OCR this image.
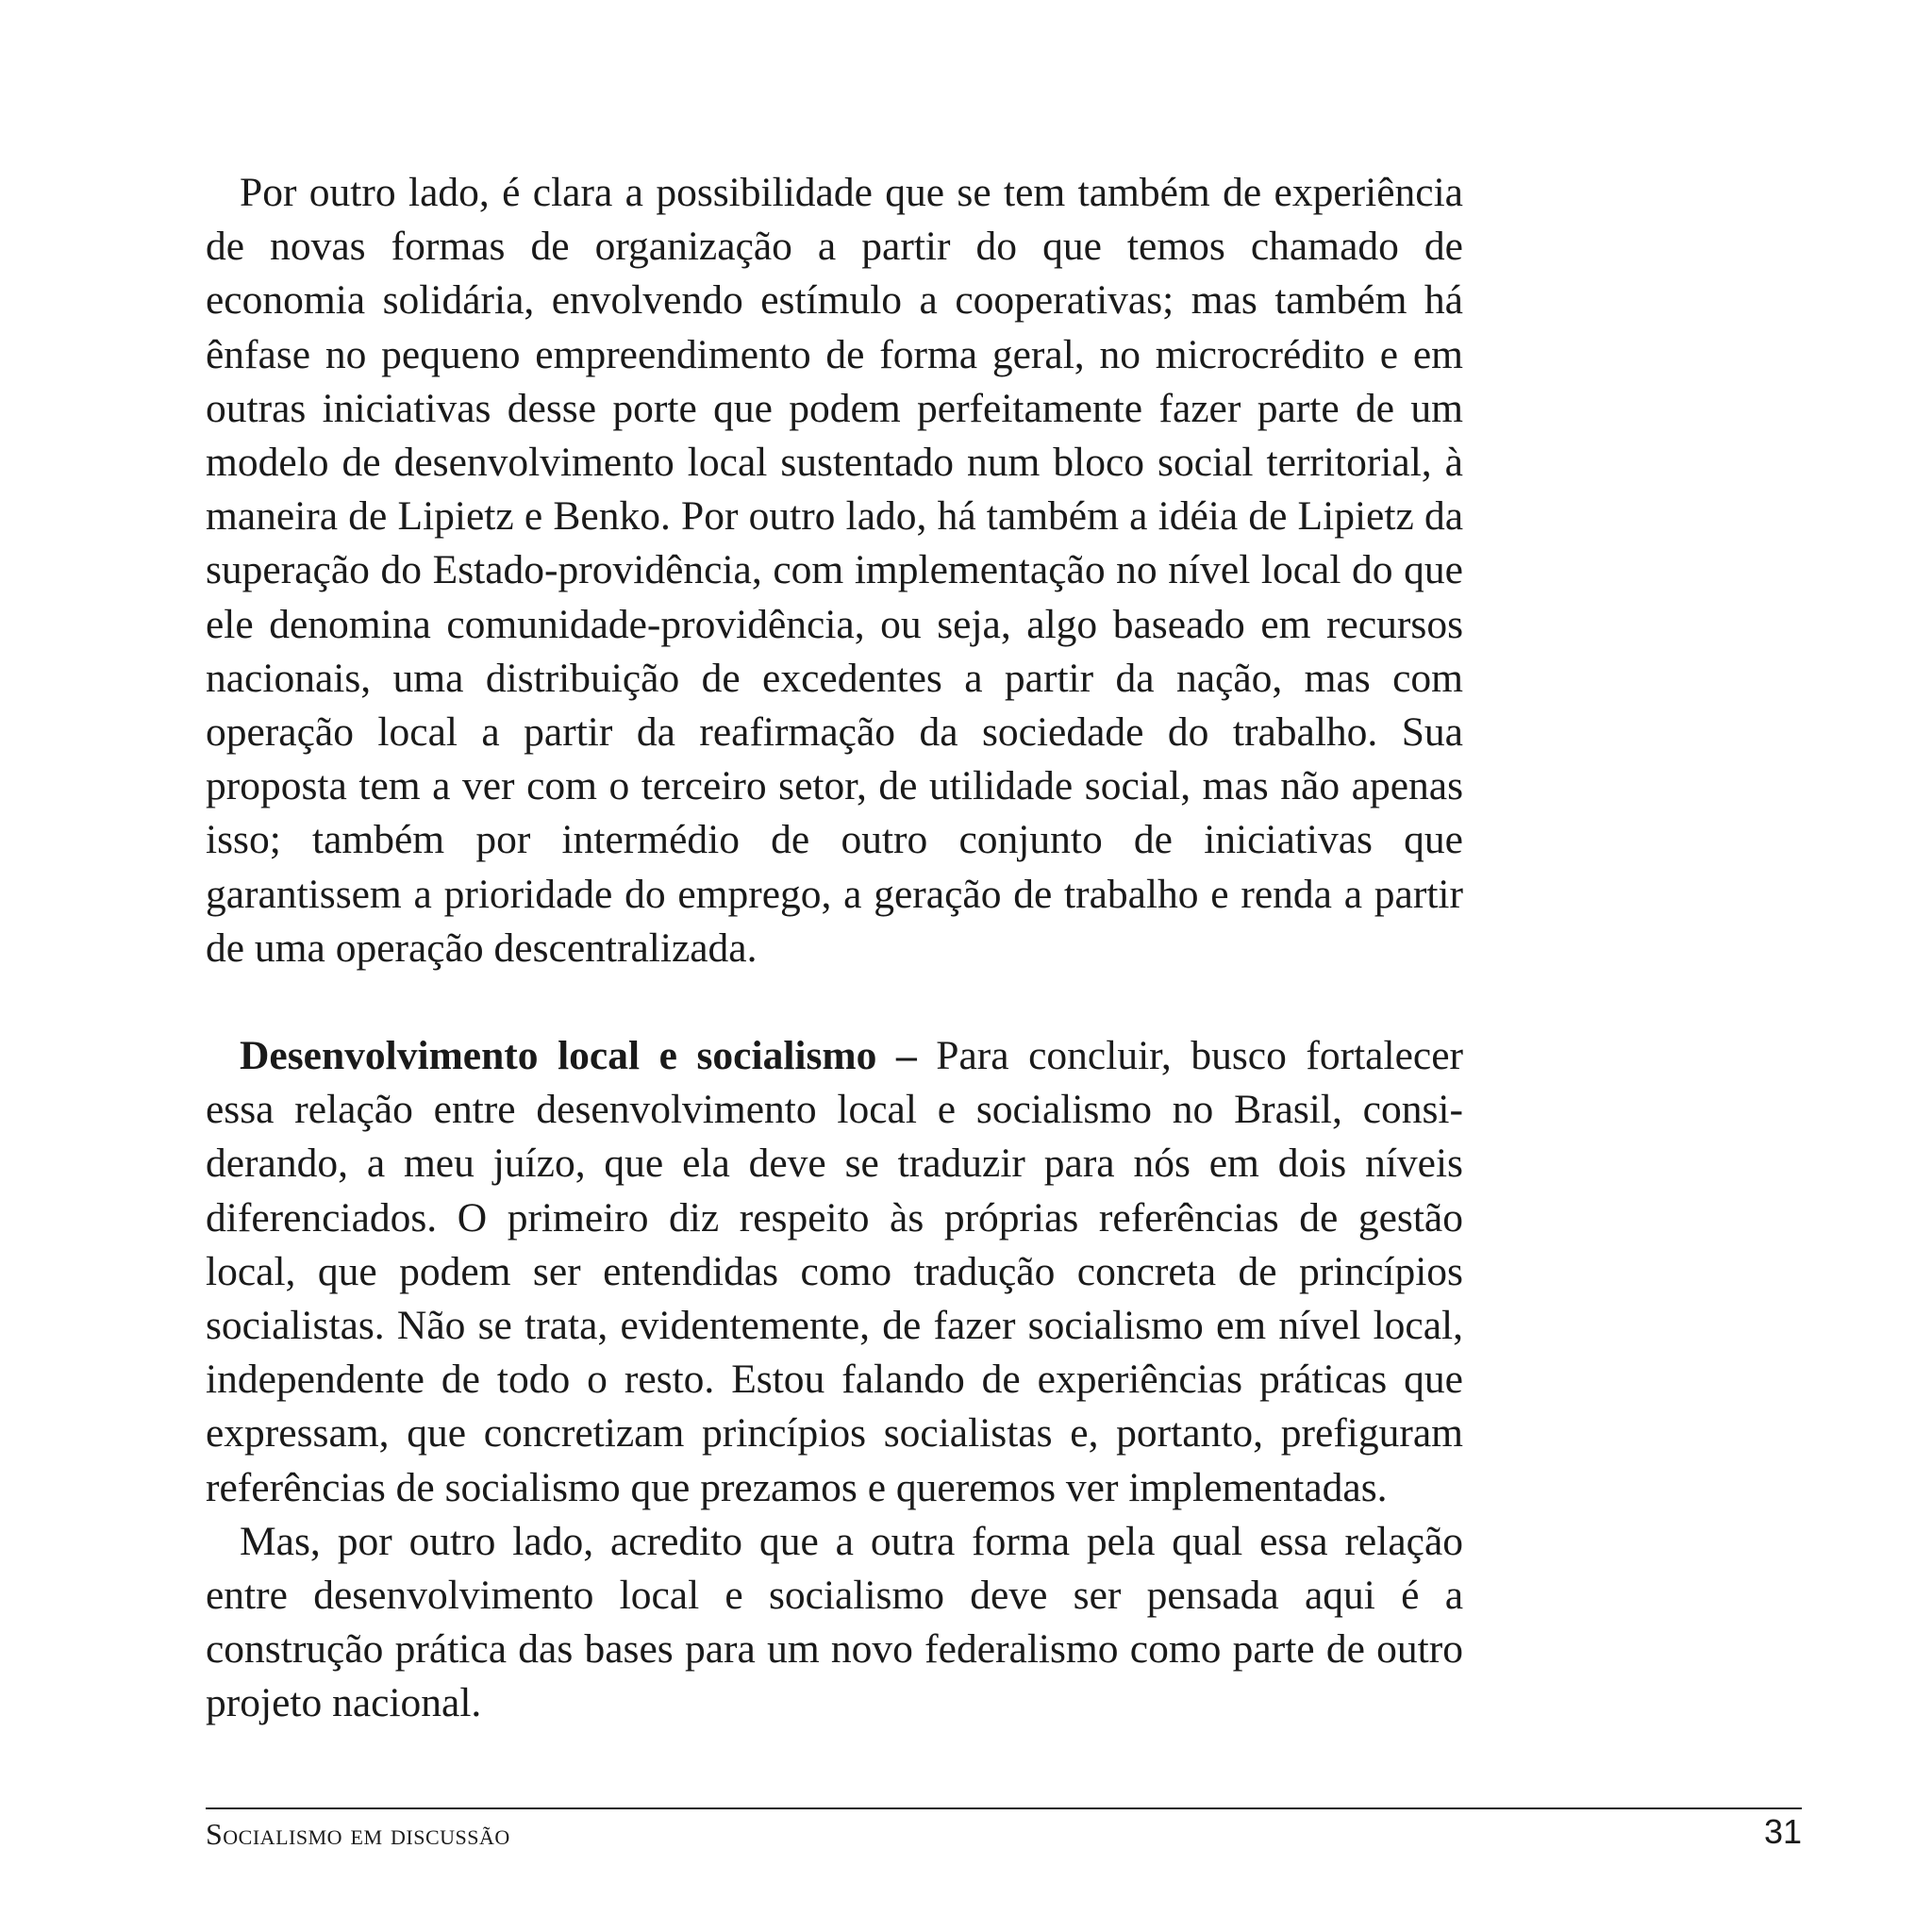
Por outro lado, é clara a possibilidade que se tem também de experiência de novas formas de organização a partir do que temos chamado de economia solidária, envolvendo estímulo a cooperativas; mas também há ênfase no pequeno empreendimento de forma geral, no microcrédito e em outras iniciativas desse porte que podem perfeitamente fazer parte de um modelo de desenvolvimento local sustentado num bloco social territorial, à maneira de Lipietz e Benko. Por outro lado, há também a idéia de Lipietz da superação do Estado-providência, com implementação no nível local do que ele denomina comunidade-providência, ou seja, algo baseado em recursos nacionais, uma distribuição de excedentes a partir da nação, mas com operação local a partir da reafirmação da sociedade do trabalho. Sua proposta tem a ver com o terceiro setor, de utilidade social, mas não apenas isso; também por intermédio de outro conjunto de iniciativas que garantissem a prioridade do emprego, a geração de trabalho e renda a partir de uma operação descentralizada.

Desenvolvimento local e socialismo – Para concluir, busco fortalecer essa relação entre desenvolvimento local e socialismo no Brasil, considerando, a meu juízo, que ela deve se traduzir para nós em dois níveis diferenciados. O primeiro diz respeito às próprias referências de gestão local, que podem ser entendidas como tradução concreta de princípios socialistas. Não se trata, evidentemente, de fazer socialismo em nível local, independente de todo o resto. Estou falando de experiências práticas que expressam, que concretizam princípios socialistas e, portanto, prefiguram referências de socialismo que prezamos e queremos ver implementadas.

Mas, por outro lado, acredito que a outra forma pela qual essa relação entre desenvolvimento local e socialismo deve ser pensada aqui é a construção prática das bases para um novo federalismo como parte de outro projeto nacional.

Socialismo em discussão	31
